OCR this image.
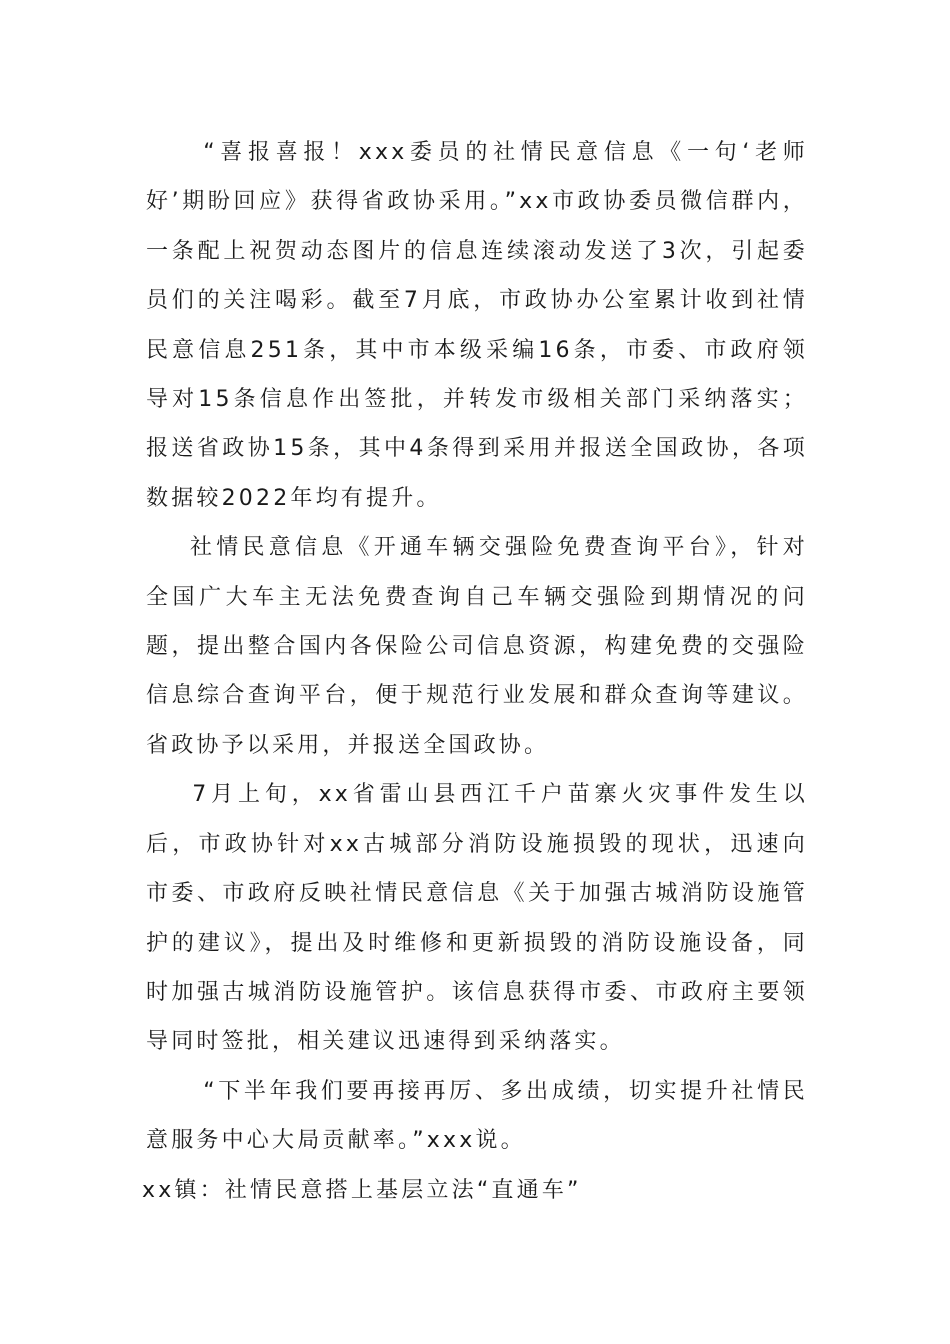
“喜报喜报！xxx委员的社情民意信息《一句‘老师好’期盼回应》获得省政协采用。”xx市政协委员微信群内，一条配上祝贺动态图片的信息连续滚动发送了3次，引起委员们的关注喝彩。截至7月底，市政协办公室累计收到社情民意信息251条，其中市本级采编16条，市委、市政府领导对15条信息作出签批，并转发市级相关部门采纳落实；报送省政协15条，其中4条得到采用并报送全国政协，各项数据较2022年均有提升。

社情民意信息《开通车辆交强险免费查询平台》，针对全国广大车主无法免费查询自己车辆交强险到期情况的问题，提出整合国内各保险公司信息资源，构建免费的交强险信息综合查询平台，便于规范行业发展和群众查询等建议。省政协予以采用，并报送全国政协。

7月上旬，xx省雷山县西江千户苗寨火灾事件发生以后，市政协针对xx古城部分消防设施损毁的现状，迅速向市委、市政府反映社情民意信息《关于加强古城消防设施管护的建议》，提出及时维修和更新损毁的消防设施设备，同时加强古城消防设施管护。该信息获得市委、市政府主要领导同时签批，相关建议迅速得到采纳落实。

“下半年我们要再接再厉、多出成绩，切实提升社情民意服务中心大局贡献率。”xxx说。

xx镇：社情民意搭上基层立法“直通车”
